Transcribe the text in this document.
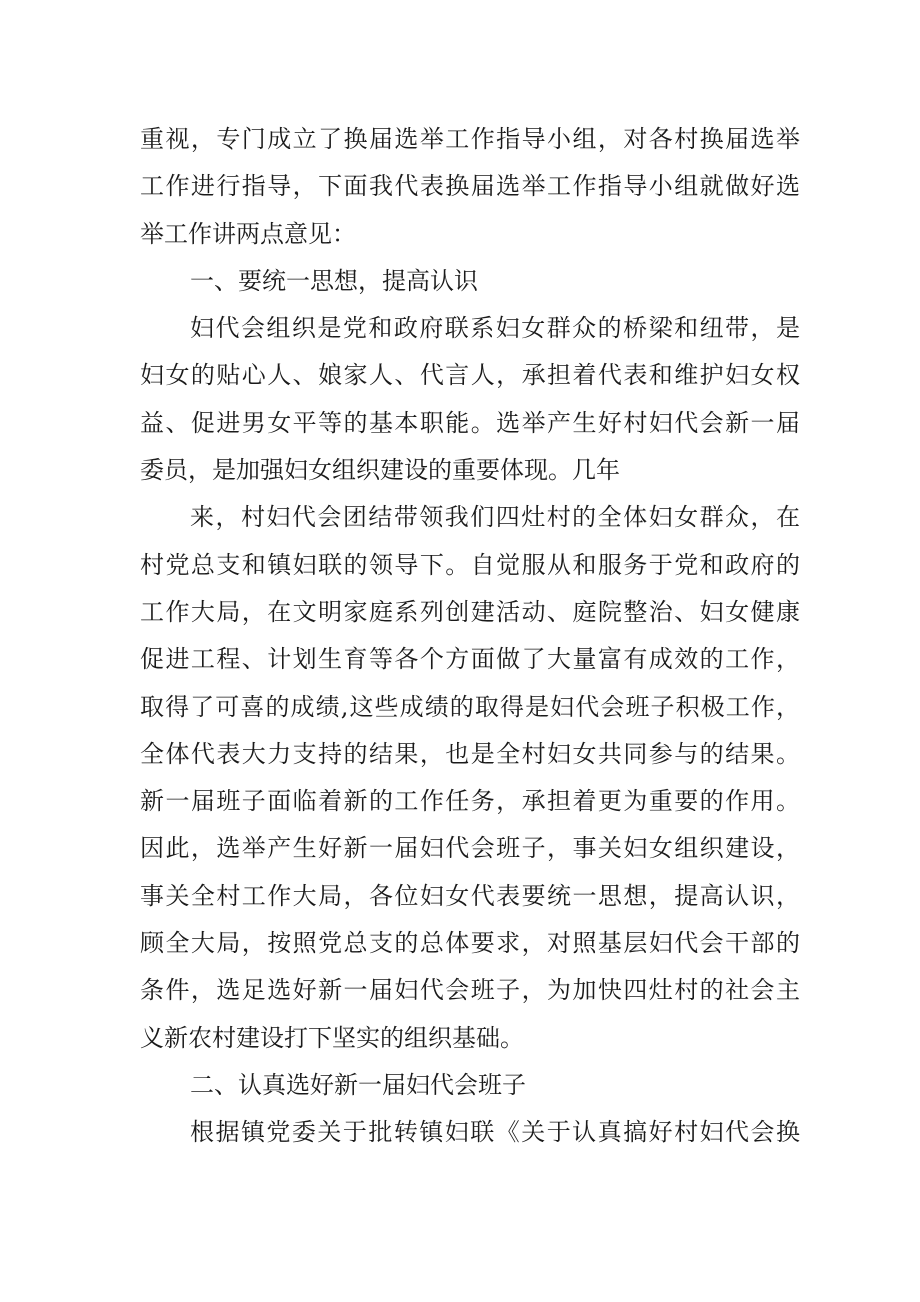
重视，专门成立了换届选举工作指导小组，对各村换届选举
工作进行指导，下面我代表换届选举工作指导小组就做好选
举工作讲两点意见：
一、要统一思想，提高认识
妇代会组织是党和政府联系妇女群众的桥梁和纽带，是
妇女的贴心人、娘家人、代言人，承担着代表和维护妇女权
益、促进男女平等的基本职能。选举产生好村妇代会新一届
委员，是加强妇女组织建设的重要体现。几年
来，村妇代会团结带领我们四灶村的全体妇女群众，在
村党总支和镇妇联的领导下。自觉服从和服务于党和政府的
工作大局，在文明家庭系列创建活动、庭院整治、妇女健康
促进工程、计划生育等各个方面做了大量富有成效的工作，
取得了可喜的成绩,这些成绩的取得是妇代会班子积极工作，
全体代表大力支持的结果，也是全村妇女共同参与的结果。
新一届班子面临着新的工作任务，承担着更为重要的作用。
因此，选举产生好新一届妇代会班子，事关妇女组织建设，
事关全村工作大局，各位妇女代表要统一思想，提高认识，
顾全大局，按照党总支的总体要求，对照基层妇代会干部的
条件，选足选好新一届妇代会班子，为加快四灶村的社会主
义新农村建设打下坚实的组织基础。
二、认真选好新一届妇代会班子
根据镇党委关于批转镇妇联《关于认真搞好村妇代会换
